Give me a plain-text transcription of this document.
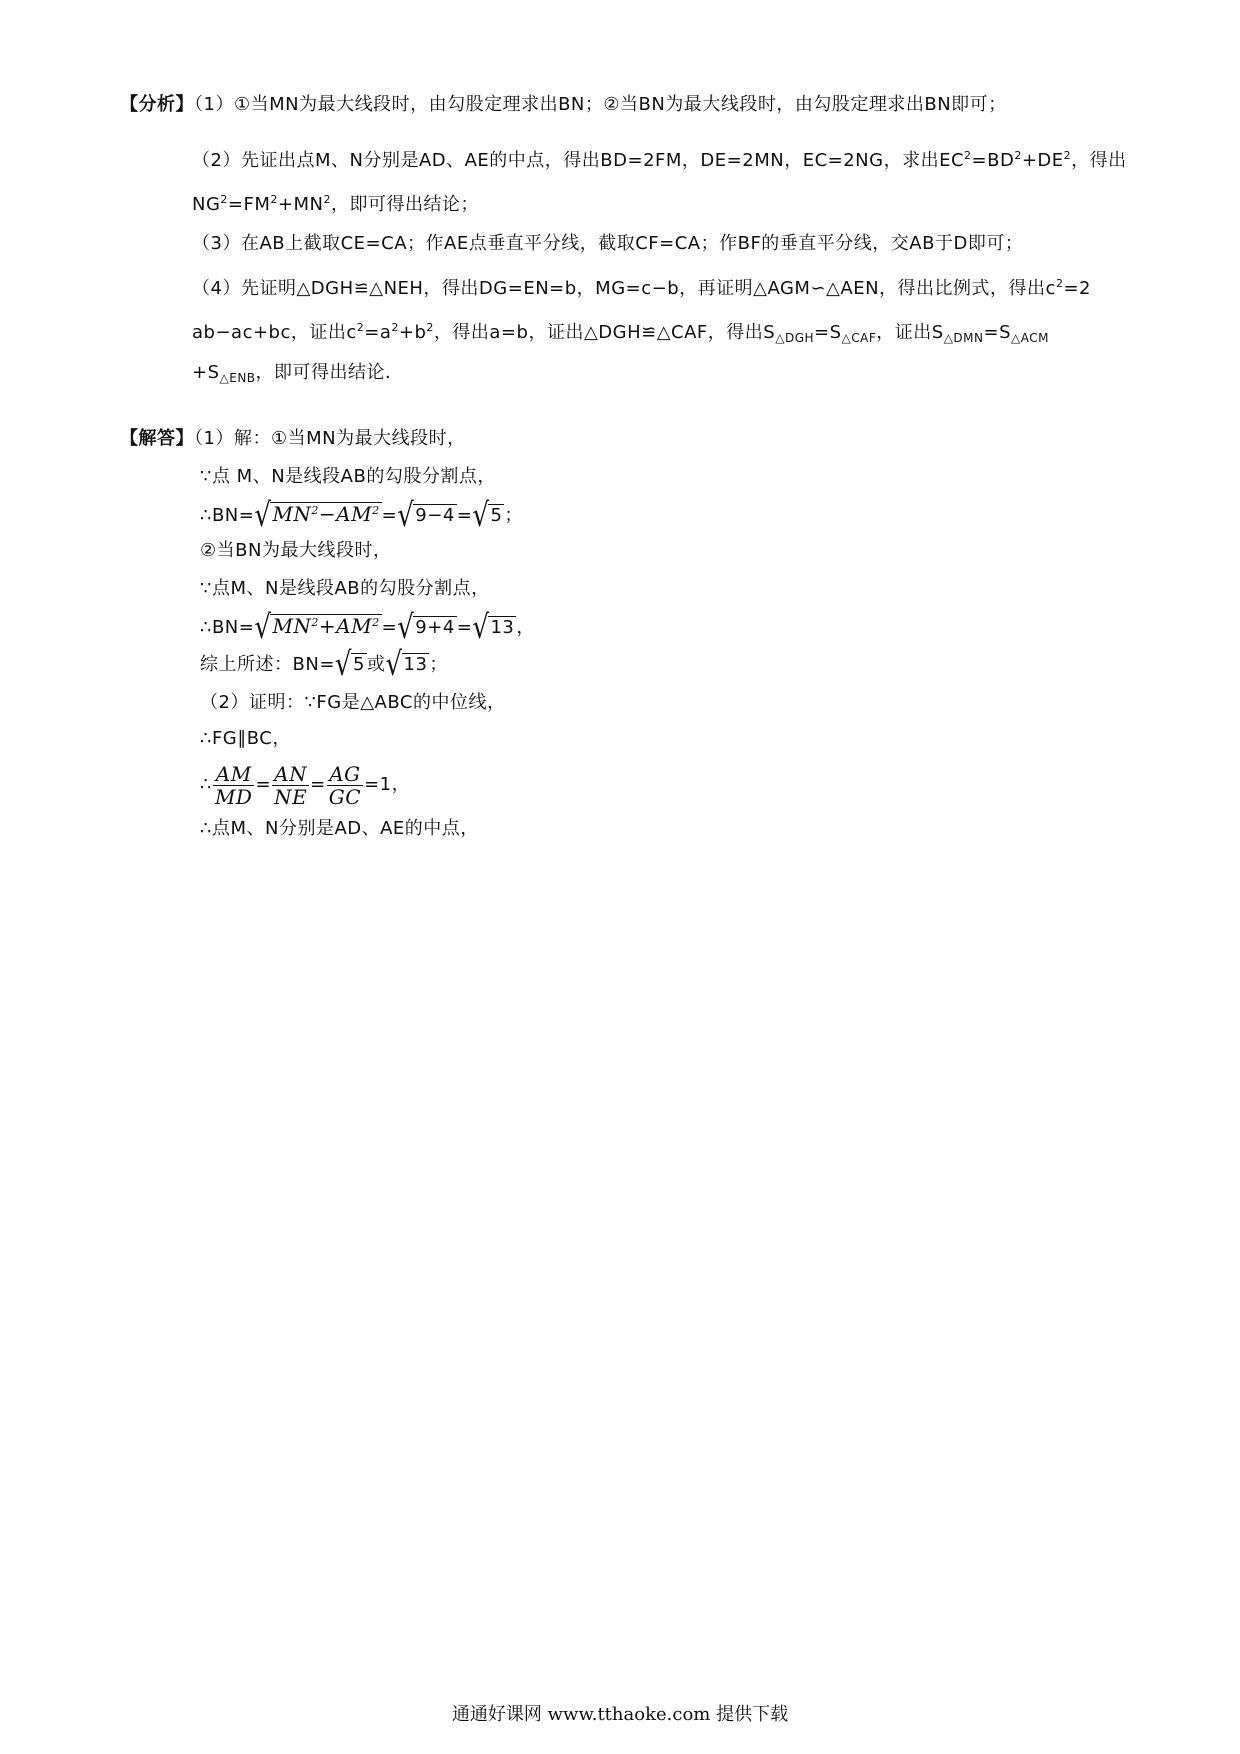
【分析】（1）①当MN为最大线段时，由勾股定理求出BN；②当BN为最大线段时，由勾股定理求出BN即可；
（2）先证出点M、N分别是AD、AE的中点，得出BD=2FM，DE=2MN，EC=2NG，求出$EC^2=BD^2+DE^2$，得出
$NG^2=FM^2+MN^2$，即可得出结论；
（3）在AB上截取CE=CA；作AE点垂直平分线，截取CF=CA；作BF的垂直平分线，交AB于D即可；
（4）先证明△DGH≌△NEH，得出DG=EN=b，MG=c−b，再证明△AGM∽△AEN，得出比例式，得出$c^2=2$
ab−ac+bc，证出$c^2=a^2+b^2$，得出a=b，证出△DGH≌△CAF，得出$S_{\triangle DGH}=S_{\triangle CAF}$，证出$S_{\triangle DMN}=S_{\triangle ACM}$
$+S_{\triangle ENB}$，即可得出结论．
【解答】（1）解：①当MN为最大线段时，
∵点 M、N是线段AB的勾股分割点，
$\therefore BN=√MN^2-AM^2 =√9-4 =√5$ ；
②当BN为最大线段时，
∵点M、N是线段AB的勾股分割点，
$\therefore BN=√MN^2+AM^2 =√9+4 =√13$ ，
综上所述：BN=√5 或√13 ；
（2）证明：∵FG是△ABC的中位线，
∴FG∥BC，
∴ $\frac{AM}{MD} = \frac{AN}{NE} = \frac{AG}{GC} =1$，
∴点M、N分别是AD、AE的中点，
通通好课网 www.tthaoke.com 提供下载
